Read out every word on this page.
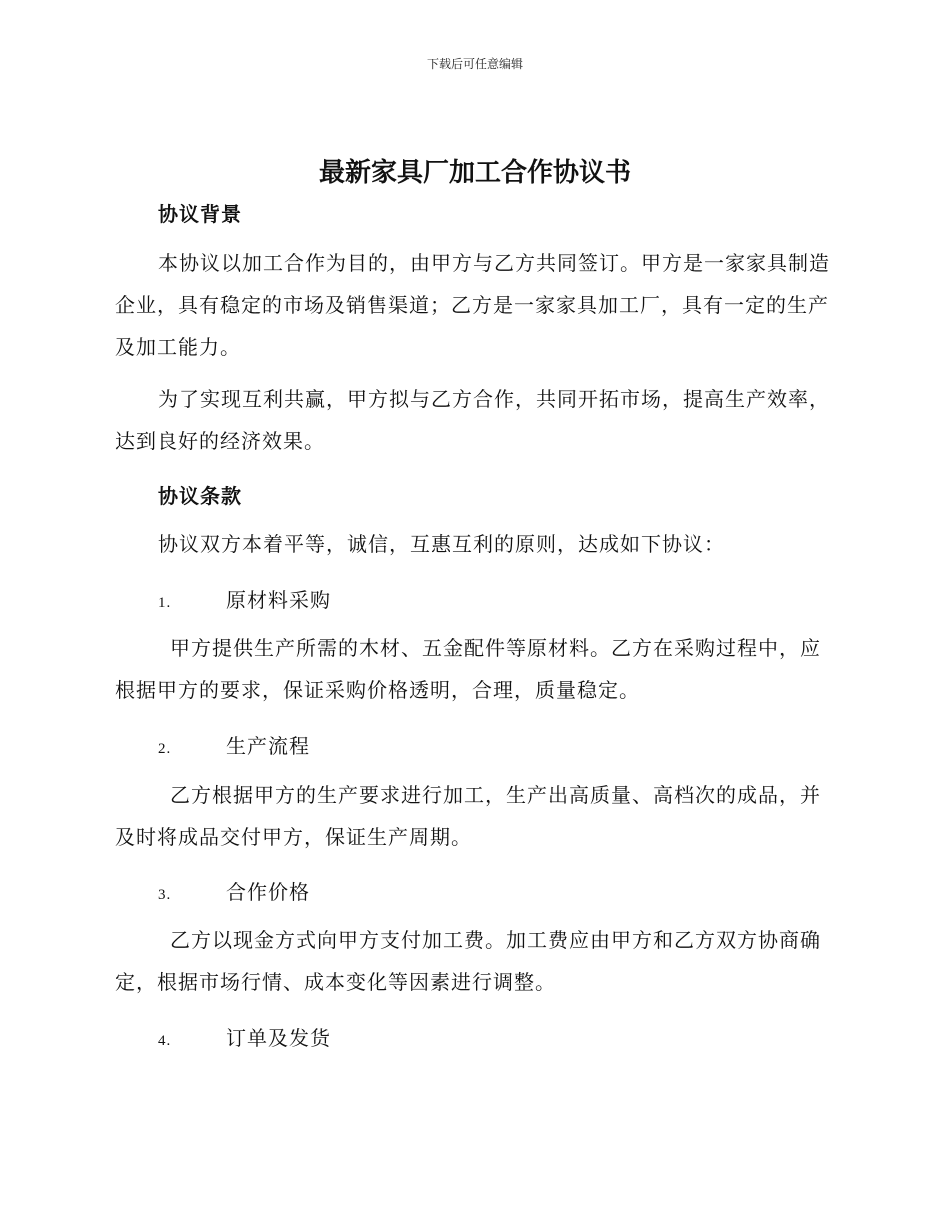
下载后可任意编辑
最新家具厂加工合作协议书
协议背景
本协议以加工合作为目的，由甲方与乙方共同签订。甲方是一家家具制造企业，具有稳定的市场及销售渠道；乙方是一家家具加工厂，具有一定的生产及加工能力。
为了实现互利共赢，甲方拟与乙方合作，共同开拓市场，提高生产效率，达到良好的经济效果。
协议条款
协议双方本着平等，诚信，互惠互利的原则，达成如下协议：
1.	原材料采购
甲方提供生产所需的木材、五金配件等原材料。乙方在采购过程中，应根据甲方的要求，保证采购价格透明，合理，质量稳定。
2.	生产流程
乙方根据甲方的生产要求进行加工，生产出高质量、高档次的成品，并及时将成品交付甲方，保证生产周期。
3.	合作价格
乙方以现金方式向甲方支付加工费。加工费应由甲方和乙方双方协商确定，根据市场行情、成本变化等因素进行调整。
4.	订单及发货
